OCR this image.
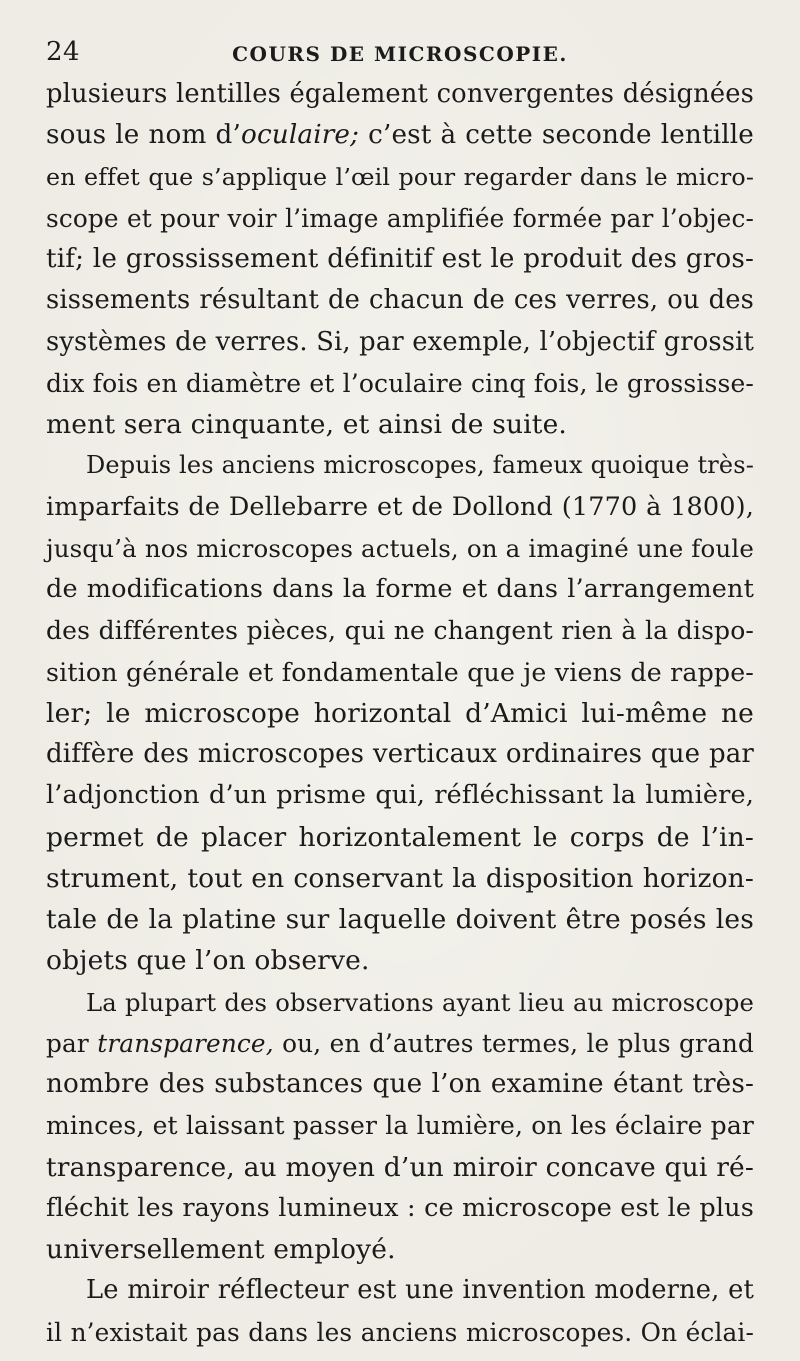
24	COURS DE MICROSCOPIE.
plusieurs lentilles également convergentes désignées
sous le nom d’oculaire; c’est à cette seconde lentille
en effet que s’applique l’œil pour regarder dans le micro-
scope et pour voir l’image amplifiée formée par l’objec-
tif; le grossissement définitif est le produit des gros-
sissements résultant de chacun de ces verres, ou des
systèmes de verres. Si, par exemple, l’objectif grossit
dix fois en diamètre et l’oculaire cinq fois, le grossisse-
ment sera cinquante, et ainsi de suite.
Depuis les anciens microscopes, fameux quoique très-
imparfaits de Dellebarre et de Dollond (1770 à 1800),
jusqu’à nos microscopes actuels, on a imaginé une foule
de modifications dans la forme et dans l’arrangement
des différentes pièces, qui ne changent rien à la dispo-
sition générale et fondamentale que je viens de rappe-
ler; le microscope horizontal d’Amici lui-même ne
diffère des microscopes verticaux ordinaires que par
l’adjonction d’un prisme qui, réfléchissant la lumière,
permet de placer horizontalement le corps de l’in-
strument, tout en conservant la disposition horizon-
tale de la platine sur laquelle doivent être posés les
objets que l’on observe.
La plupart des observations ayant lieu au microscope
par transparence, ou, en d’autres termes, le plus grand
nombre des substances que l’on examine étant très-
minces, et laissant passer la lumière, on les éclaire par
transparence, au moyen d’un miroir concave qui ré-
fléchit les rayons lumineux : ce microscope est le plus
universellement employé.
Le miroir réflecteur est une invention moderne, et
il n’existait pas dans les anciens microscopes. On éclai-
